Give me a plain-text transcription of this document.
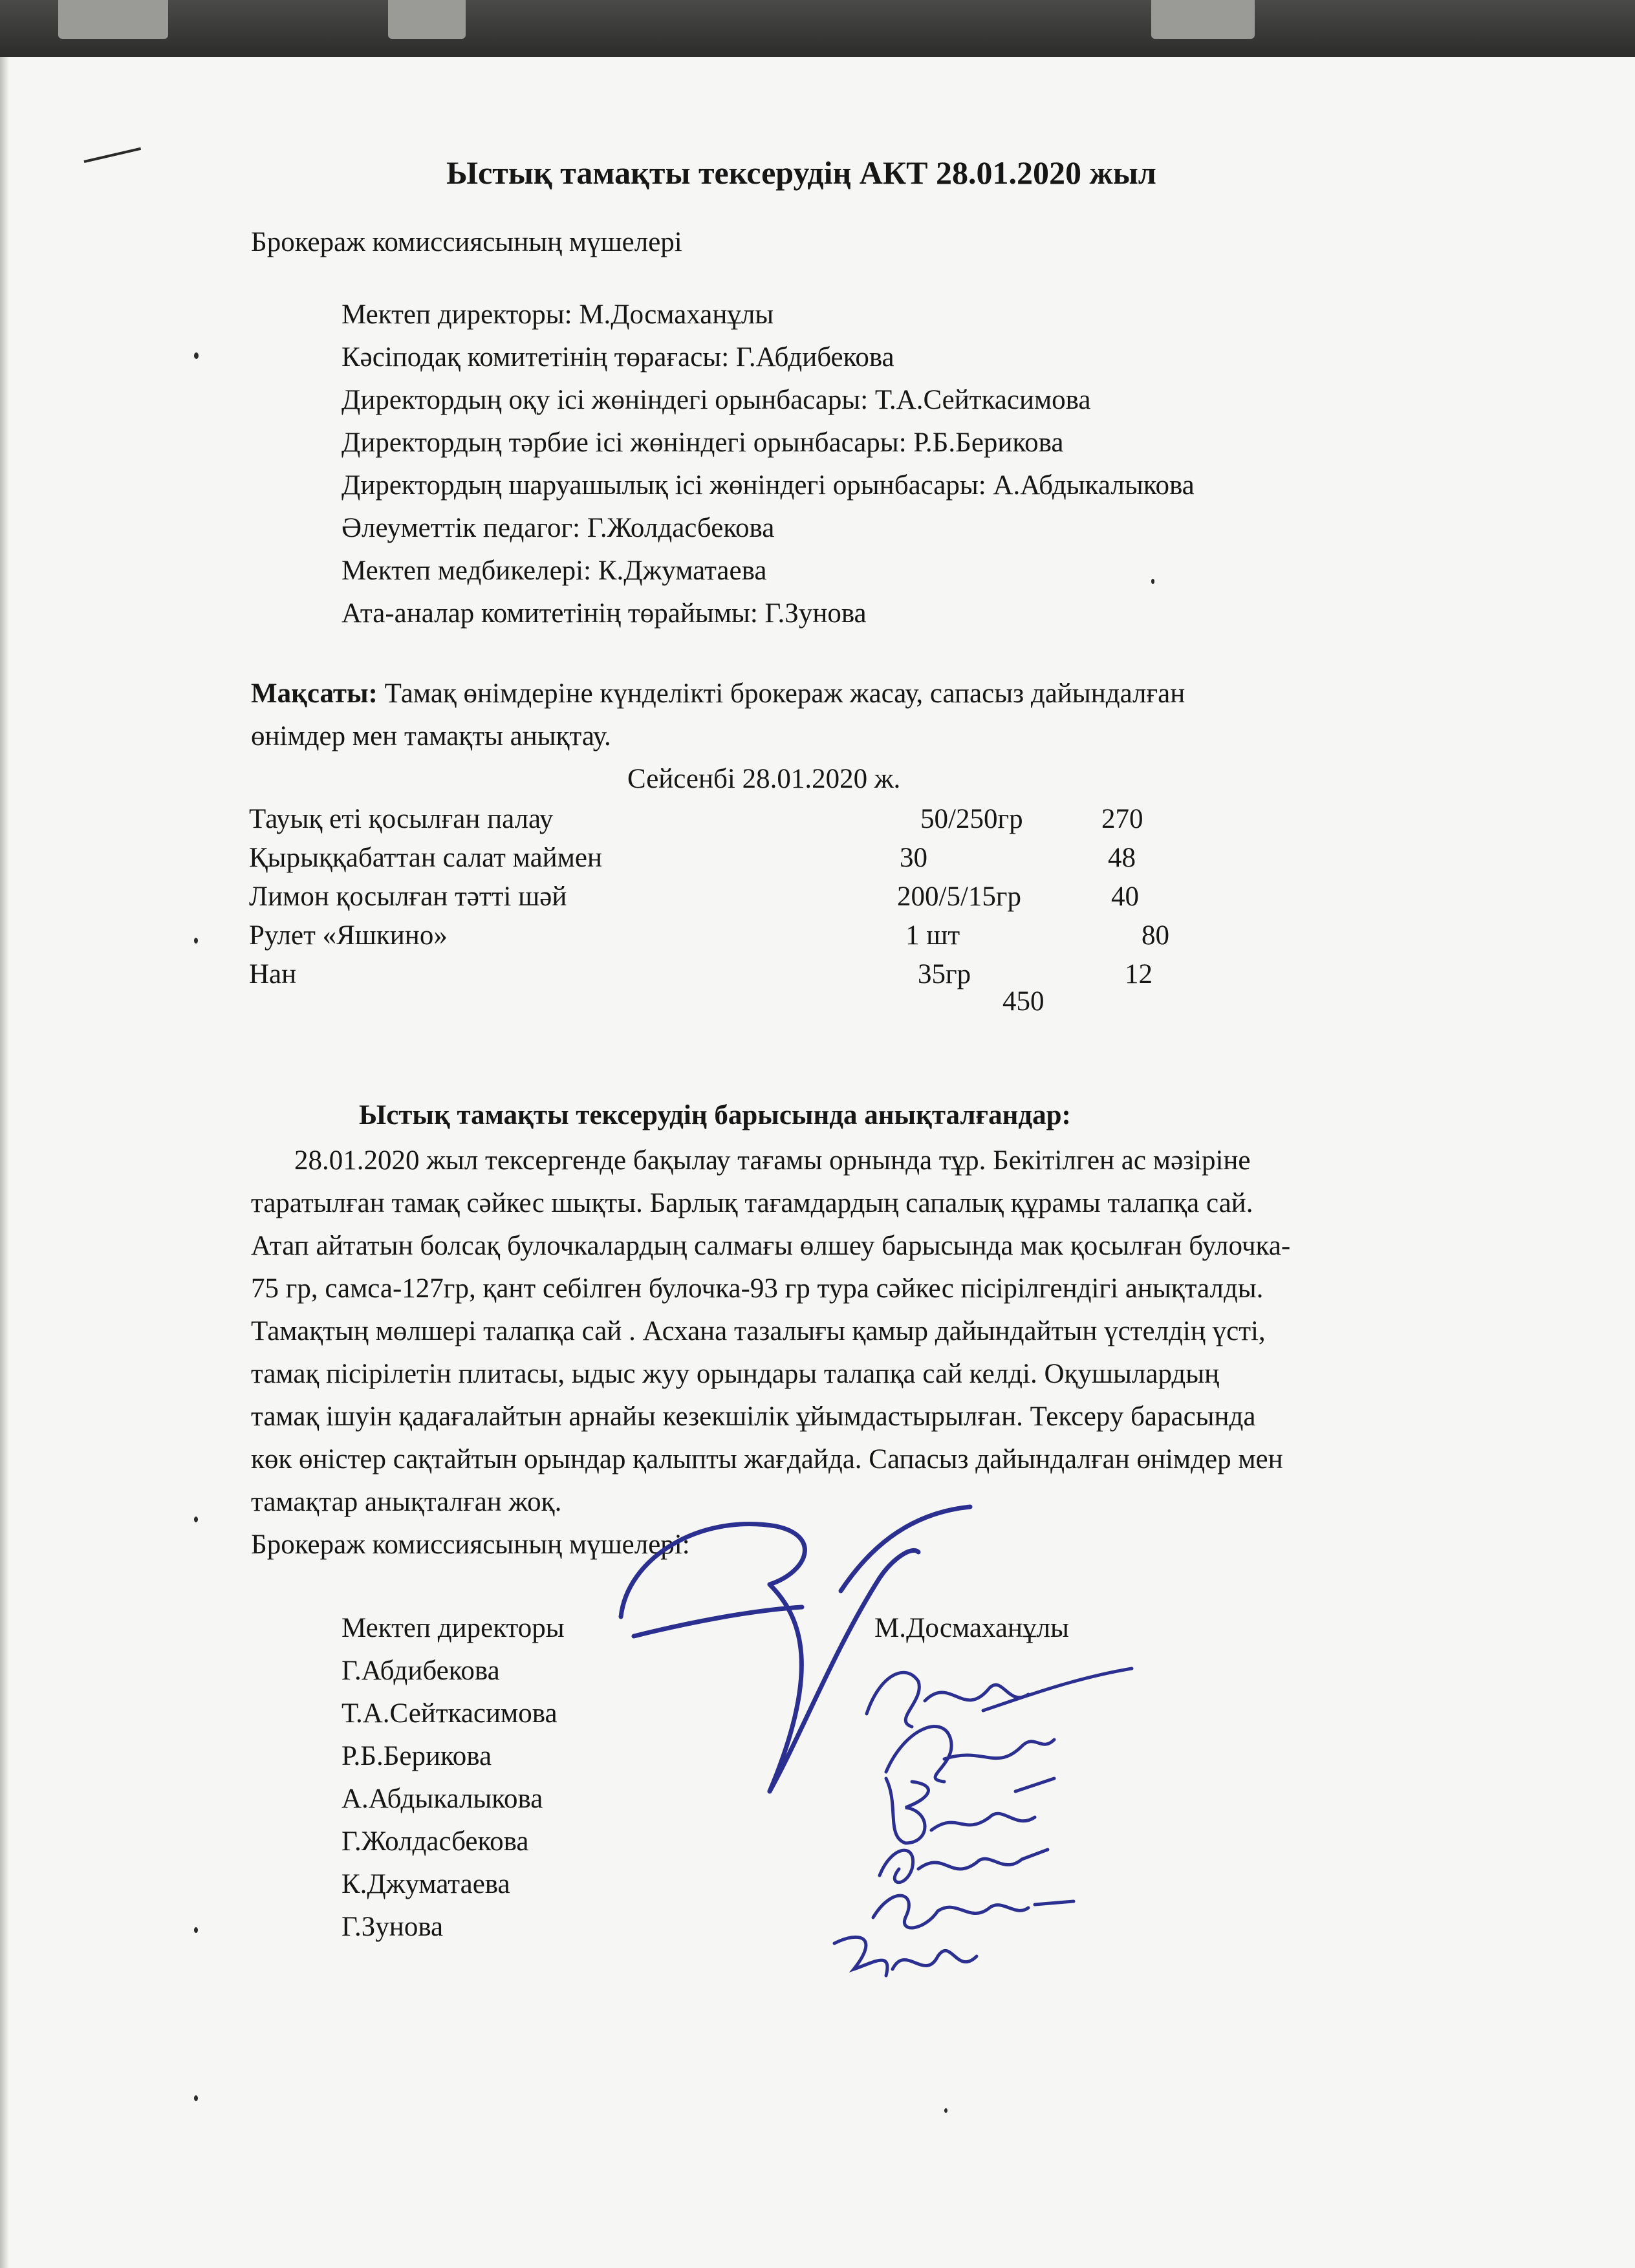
Ыстық тамақты тексерудің АКТ 28.01.2020 жыл
Брокераж комиссиясының мүшелері
Мектеп директоры: М.Досмаханұлы
Кәсіподақ комитетінің төрағасы: Г.Абдибекова
Директордың оқу ісі жөніндегі орынбасары: Т.А.Сейткасимова
Директордың тәрбие ісі жөніндегі орынбасары: Р.Б.Берикова
Директордың шаруашылық ісі жөніндегі орынбасары: А.Абдыкалыкова
Әлеуметтік педагог: Г.Жолдасбекова
Мектеп медбикелері: К.Джуматаева
Ата-аналар комитетінің төрайымы: Г.Зунова
Мақсаты: Тамақ өнімдеріне күнделікті брокераж жасау, сапасыз дайындалған
өнімдер мен тамақты анықтау.
Сейсенбі 28.01.2020 ж.
Тауық еті қосылған палау	50/250гр	270
Қырыққабаттан салат маймен	30	48
Лимон қосылған тәтті шәй	200/5/15гр	40
Рулет «Яшкино»	1 шт	80
Нан	35гр	12
450
Ыстық тамақты тексерудің барысында анықталғандар:
28.01.2020 жыл тексергенде бақылау тағамы орнында тұр. Бекітілген ас мәзіріне
таратылған тамақ сәйкес шықты. Барлық тағамдардың сапалық құрамы талапқа сай.
Атап айтатын болсақ булочкалардың салмағы өлшеу барысында мак қосылған булочка-
75 гр, самса-127гр, қант себілген булочка-93 гр тура сәйкес пісірілгендігі анықталды.
Тамақтың мөлшері талапқа сай . Асхана тазалығы қамыр дайындайтын үстелдің үсті,
тамақ пісірілетін плитасы, ыдыс жуу орындары талапқа сай келді. Оқушылардың
тамақ ішуін қадағалайтын арнайы кезекшілік ұйымдастырылған. Тексеру барасында
көк өністер сақтайтын орындар қалыпты жағдайда. Сапасыз дайындалған өнімдер мен
тамақтар анықталған жоқ.
Брокераж комиссиясының мүшелері:
Мектеп директоры	М.Досмаханұлы
Г.Абдибекова
Т.А.Сейткасимова
Р.Б.Берикова
А.Абдыкалыкова
Г.Жолдасбекова
К.Джуматаева
Г.Зунова
